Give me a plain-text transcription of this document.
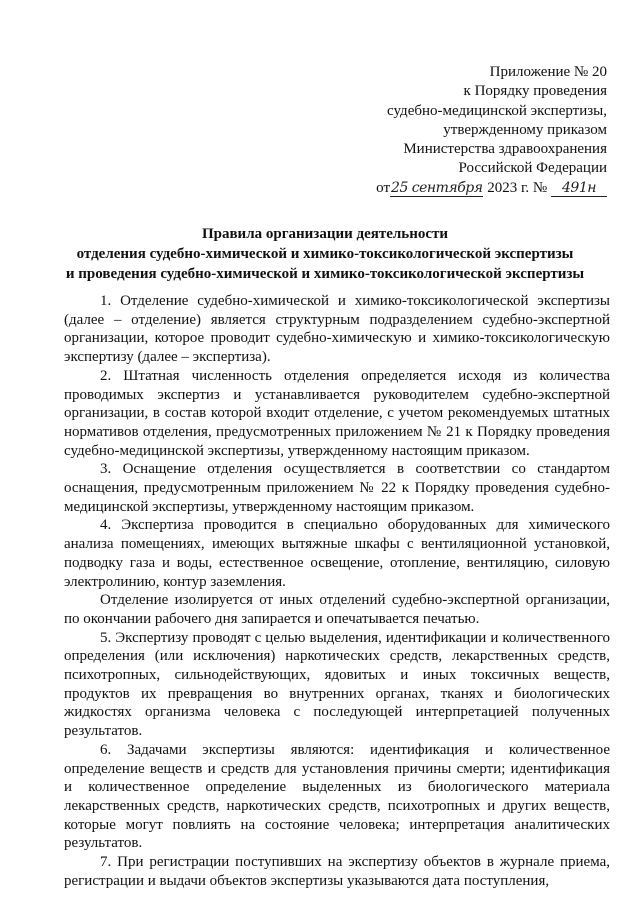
Приложение № 20
к Порядку проведения
судебно-медицинской экспертизы,
утвержденному приказом
Министерства здравоохранения
Российской Федерации
от25 сентября 2023 г. № 491н
Правила организации деятельности
отделения судебно-химической и химико-токсикологической экспертизы
и проведения судебно-химической и химико-токсикологической экспертизы

1. Отделение судебно-химической и химико-токсикологической экспертизы (далее – отделение) является структурным подразделением судебно-экспертной организации, которое проводит судебно-химическую и химико-токсикологическую экспертизу (далее – экспертиза).

2. Штатная численность отделения определяется исходя из количества проводимых экспертиз и устанавливается руководителем судебно-экспертной организации, в состав которой входит отделение, с учетом рекомендуемых штатных нормативов отделения, предусмотренных приложением № 21 к Порядку проведения судебно-медицинской экспертизы, утвержденному настоящим приказом.

3. Оснащение отделения осуществляется в соответствии со стандартом оснащения, предусмотренным приложением № 22 к Порядку проведения судебно-медицинской экспертизы, утвержденному настоящим приказом.

4. Экспертиза проводится в специально оборудованных для химического анализа помещениях, имеющих вытяжные шкафы с вентиляционной установкой, подводку газа и воды, естественное освещение, отопление, вентиляцию, силовую электролинию, контур заземления.

Отделение изолируется от иных отделений судебно-экспертной организации, по окончании рабочего дня запирается и опечатывается печатью.

5. Экспертизу проводят с целью выделения, идентификации и количественного определения (или исключения) наркотических средств, лекарственных средств, психотропных, сильнодействующих, ядовитых и иных токсичных веществ, продуктов их превращения во внутренних органах, тканях и биологических жидкостях организма человека с последующей интерпретацией полученных результатов.

6. Задачами экспертизы являются: идентификация и количественное определение веществ и средств для установления причины смерти; идентификация и количественное определение выделенных из биологического материала лекарственных средств, наркотических средств, психотропных и других веществ, которые могут повлиять на состояние человека; интерпретация аналитических результатов.

7. При регистрации поступивших на экспертизу объектов в журнале приема, регистрации и выдачи объектов экспертизы указываются дата поступления,
